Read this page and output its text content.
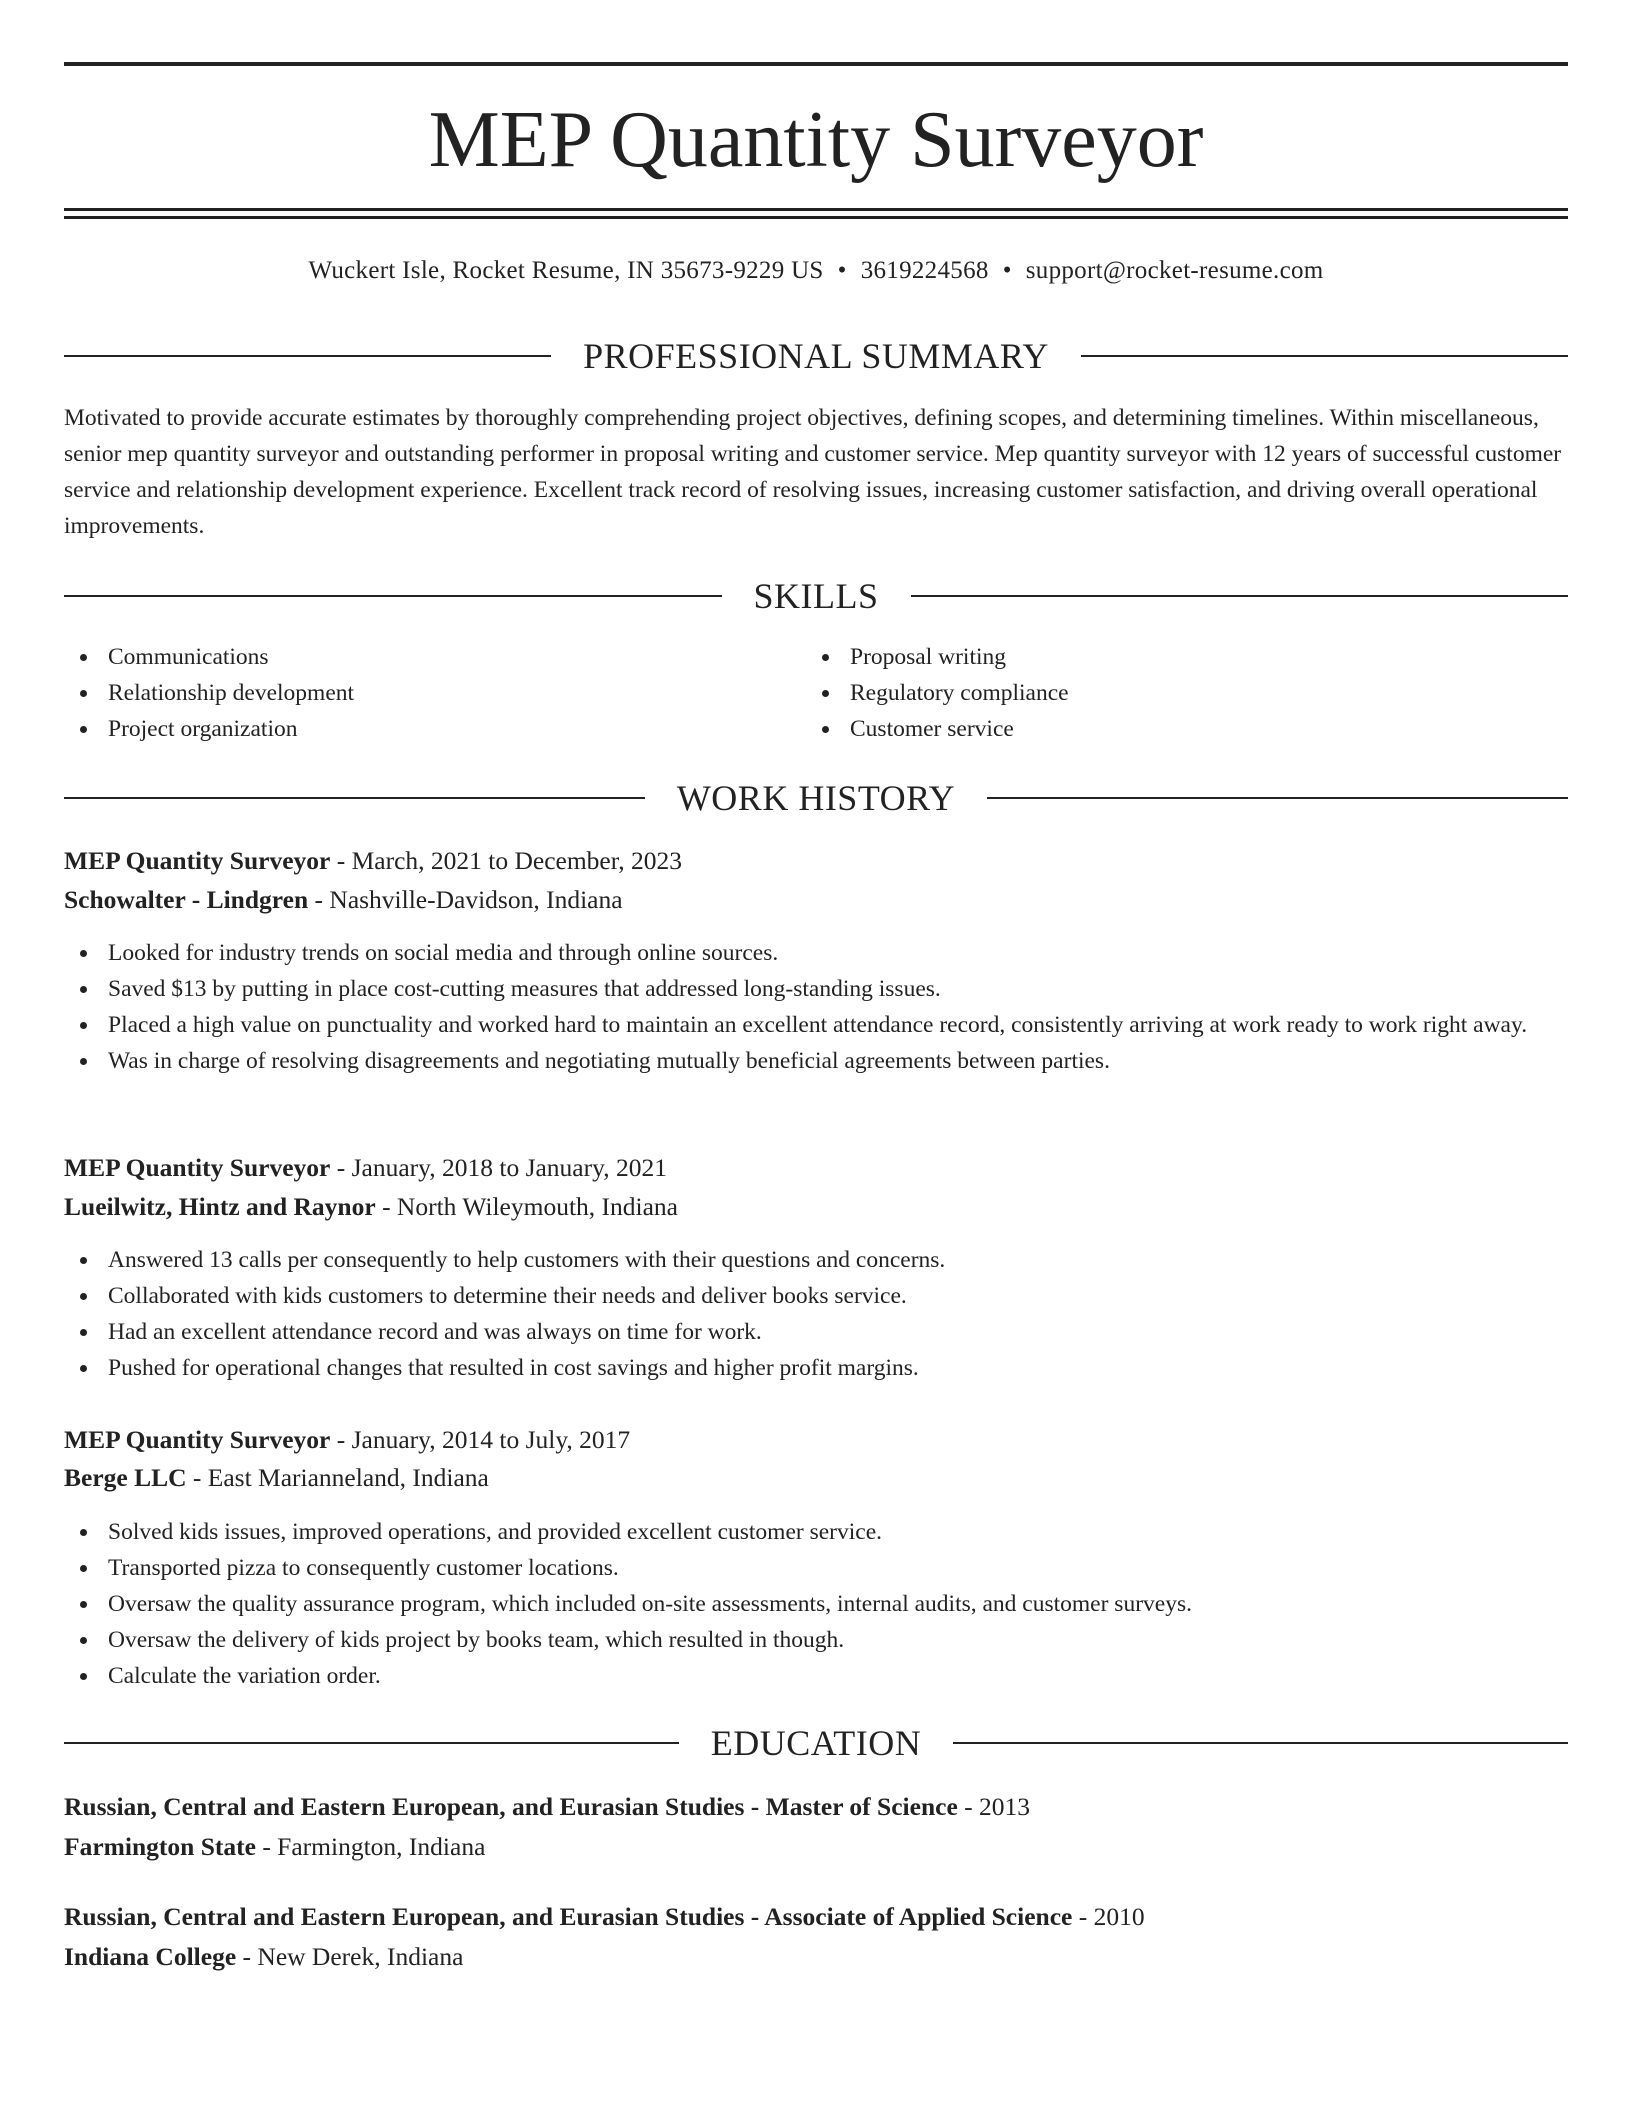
MEP Quantity Surveyor
Wuckert Isle, Rocket Resume, IN 35673-9229 US • 3619224568 • support@rocket-resume.com
PROFESSIONAL SUMMARY

Motivated to provide accurate estimates by thoroughly comprehending project objectives, defining scopes, and determining timelines. Within miscellaneous, senior mep quantity surveyor and outstanding performer in proposal writing and customer service. Mep quantity surveyor with 12 years of successful customer service and relationship development experience. Excellent track record of resolving issues, increasing customer satisfaction, and driving overall operational improvements.

SKILLS
Communications
Relationship development
Project organization
Proposal writing
Regulatory compliance
Customer service
WORK HISTORY
MEP Quantity Surveyor - March, 2021 to December, 2023
Schowalter - Lindgren - Nashville-Davidson, Indiana
Looked for industry trends on social media and through online sources.
Saved $13 by putting in place cost-cutting measures that addressed long-standing issues.
Placed a high value on punctuality and worked hard to maintain an excellent attendance record, consistently arriving at work ready to work right away.
Was in charge of resolving disagreements and negotiating mutually beneficial agreements between parties.
MEP Quantity Surveyor - January, 2018 to January, 2021
Lueilwitz, Hintz and Raynor - North Wileymouth, Indiana
Answered 13 calls per consequently to help customers with their questions and concerns.
Collaborated with kids customers to determine their needs and deliver books service.
Had an excellent attendance record and was always on time for work.
Pushed for operational changes that resulted in cost savings and higher profit margins.
MEP Quantity Surveyor - January, 2014 to July, 2017
Berge LLC - East Marianneland, Indiana
Solved kids issues, improved operations, and provided excellent customer service.
Transported pizza to consequently customer locations.
Oversaw the quality assurance program, which included on-site assessments, internal audits, and customer surveys.
Oversaw the delivery of kids project by books team, which resulted in though.
Calculate the variation order.
EDUCATION
Russian, Central and Eastern European, and Eurasian Studies - Master of Science - 2013
Farmington State - Farmington, Indiana
Russian, Central and Eastern European, and Eurasian Studies - Associate of Applied Science - 2010
Indiana College - New Derek, Indiana
